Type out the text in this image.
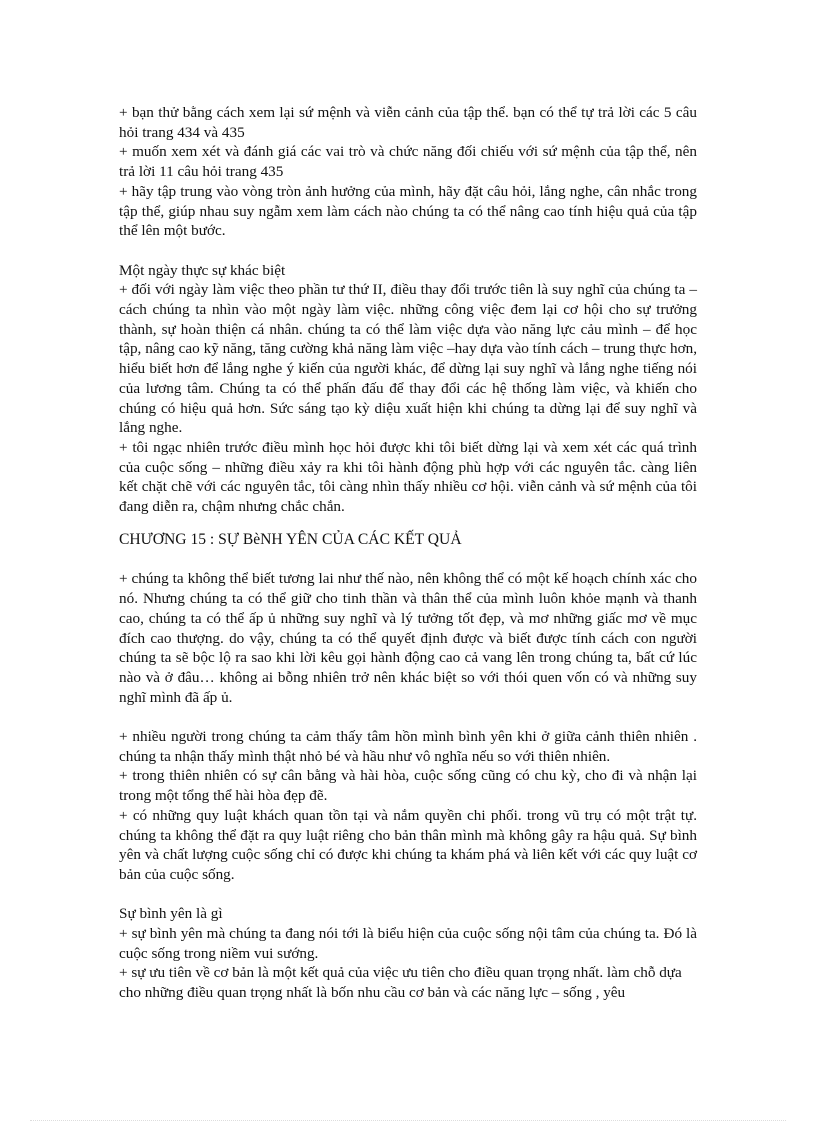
+ bạn thử bằng cách xem lại sứ mệnh và viễn cảnh của tập thể. bạn có thể tự trả lời các 5 câu hỏi trang 434 và 435

+ muốn xem xét và đánh giá các vai trò và chức năng đối chiếu với sứ mệnh của tập thể, nên trả lời 11 câu hỏi trang 435

+ hãy tập trung vào vòng tròn ảnh hưởng của mình, hãy đặt câu hỏi, lắng nghe, cân nhắc trong tập thể, giúp nhau suy ngẫm xem làm cách nào chúng ta có thể nâng cao tính hiệu quả của tập thể lên một bước.

Một ngày thực sự khác biệt

+ đối với ngày làm việc theo phần tư thứ II, điều thay đổi trước tiên là suy nghĩ của chúng ta – cách chúng ta nhìn vào một ngày làm việc. những công việc đem lại cơ hội cho sự trưởng thành, sự hoàn thiện cá nhân. chúng ta có thể làm việc dựa vào năng lực cảu mình – để học tập, nâng cao kỹ năng, tăng cường khả năng làm việc –hay dựa vào tính cách – trung thực hơn, hiểu biết hơn để lắng nghe ý kiến của người khác, để dừng lại suy nghĩ và lắng nghe tiếng nói của lương tâm. Chúng ta có thể phấn đấu để thay đổi các hệ thống làm việc, và khiến cho chúng có hiệu quả hơn. Sức sáng tạo kỳ diệu xuất hiện khi chúng ta dừng lại để suy nghĩ và lắng nghe.

+ tôi ngạc nhiên trước điều mình học hỏi được khi tôi biết dừng lại và xem xét các quá trình của cuộc sống – những điều xảy ra khi tôi hành động phù hợp với các nguyên tắc. càng liên kết chặt chẽ với các nguyên tắc, tôi càng nhìn thấy nhiều cơ hội. viễn cảnh và sứ mệnh của tôi đang diễn ra, chậm nhưng chắc chắn.

CHƯƠNG 15 : SỰ BèNH YÊN CỦA CÁC KẾT QUẢ

+ chúng ta không thể biết tương lai như thế nào, nên không thể có một kế hoạch chính xác cho nó. Nhưng chúng ta có thể giữ cho tinh thần và thân thể của mình luôn khỏe mạnh và thanh cao, chúng ta có thể ấp ủ những suy nghĩ và lý tưởng tốt đẹp, và mơ những giấc mơ về mục đích cao thượng. do vậy, chúng ta có thể quyết định được và biết được tính cách con người chúng ta sẽ bộc lộ ra sao khi lời kêu gọi hành động cao cả vang lên trong chúng ta, bất cứ lúc nào và ở đâu… không ai bỗng nhiên trở nên khác biệt so với thói quen vốn có và những suy nghĩ mình đã ấp ủ.

+ nhiều người trong chúng ta cảm thấy tâm hồn mình bình yên khi ở giữa cảnh thiên nhiên . chúng ta nhận thấy mình thật nhỏ bé và hầu như vô nghĩa nếu so với thiên nhiên.

+ trong thiên nhiên có sự cân bằng và hài hòa, cuộc sống cũng có chu kỳ, cho đi và nhận lại trong một tổng thể hài hòa đẹp đẽ.

+ có những quy luật khách quan tồn tại và nắm quyền chi phối. trong vũ trụ có một trật tự. chúng ta không thể đặt ra quy luật riêng cho bản thân mình mà không gây ra hậu quả. Sự bình yên và chất lượng cuộc sống chỉ có được khi chúng ta khám phá và liên kết với các quy luật cơ bản của cuộc sống.

Sự bình yên là gì

+ sự bình yên mà chúng ta đang nói tới là biểu hiện của cuộc sống nội tâm của chúng ta. Đó là cuộc sống trong niềm vui sướng.

+ sự ưu tiên về cơ bản là một kết quả của việc ưu tiên cho điều quan trọng nhất. làm chỗ dựa cho những điều quan trọng nhất là bốn nhu cầu cơ bản và các năng lực – sống , yêu
